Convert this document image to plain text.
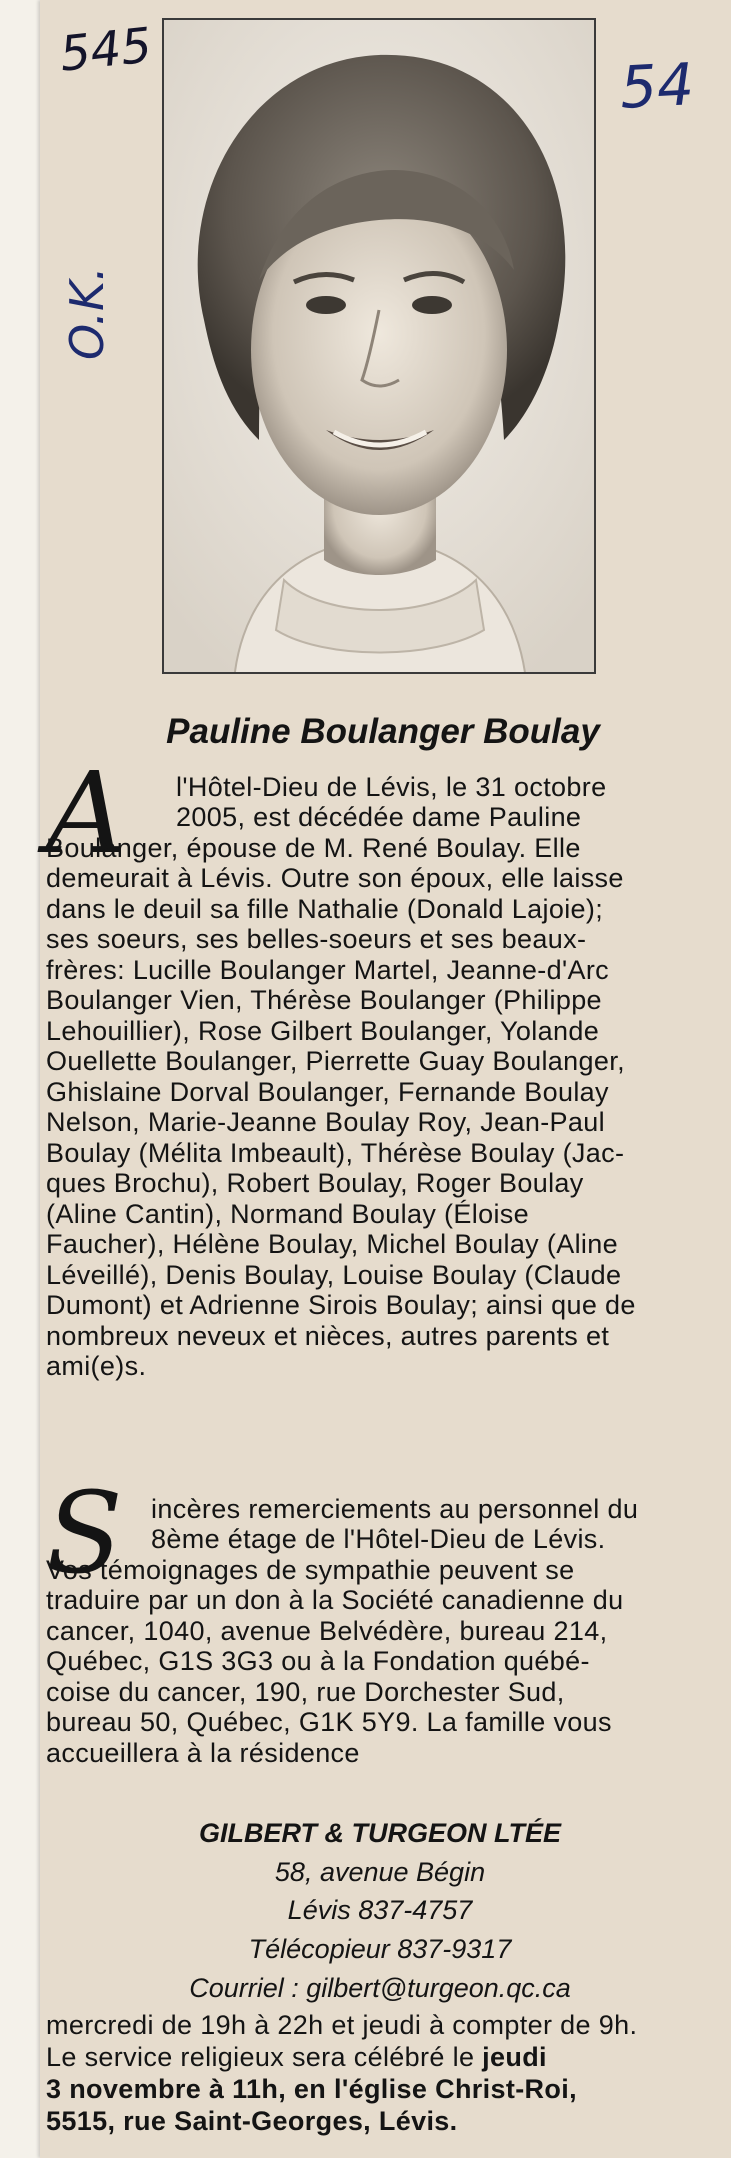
545
54
O.K.
Pauline Boulanger Boulay
A	l'Hôtel-Dieu de Lévis, le 31 octobre
2005, est décédée dame Pauline
Boulanger, épouse de M. René Boulay. Elle
demeurait à Lévis. Outre son époux, elle laisse
dans le deuil sa fille Nathalie (Donald Lajoie);
ses soeurs, ses belles-soeurs et ses beaux-
frères: Lucille Boulanger Martel, Jeanne-d'Arc
Boulanger Vien, Thérèse Boulanger (Philippe
Lehouillier), Rose Gilbert Boulanger, Yolande
Ouellette Boulanger, Pierrette Guay Boulanger,
Ghislaine Dorval Boulanger, Fernande Boulay
Nelson, Marie-Jeanne Boulay Roy, Jean-Paul
Boulay (Mélita Imbeault), Thérèse Boulay (Jac-
ques Brochu), Robert Boulay, Roger Boulay
(Aline Cantin), Normand Boulay (Éloise
Faucher), Hélène Boulay, Michel Boulay (Aline
Léveillé), Denis Boulay, Louise Boulay (Claude
Dumont) et Adrienne Sirois Boulay; ainsi que de
nombreux neveux et nièces, autres parents et
ami(e)s.
S	incères remerciements au personnel du
8ème étage de l'Hôtel-Dieu de Lévis.
Vos témoignages de sympathie peuvent se
traduire par un don à la Société canadienne du
cancer, 1040, avenue Belvédère, bureau 214,
Québec, G1S 3G3 ou à la Fondation québé-
coise du cancer, 190, rue Dorchester Sud,
bureau 50, Québec, G1K 5Y9. La famille vous
accueillera à la résidence
GILBERT & TURGEON LTÉE
58, avenue Bégin
Lévis 837-4757
Télécopieur 837-9317
Courriel : gilbert@turgeon.qc.ca
mercredi de 19h à 22h et jeudi à compter de 9h.
Le service religieux sera célébré le jeudi
3 novembre à 11h, en l'église Christ-Roi,
5515, rue Saint-Georges, Lévis.
